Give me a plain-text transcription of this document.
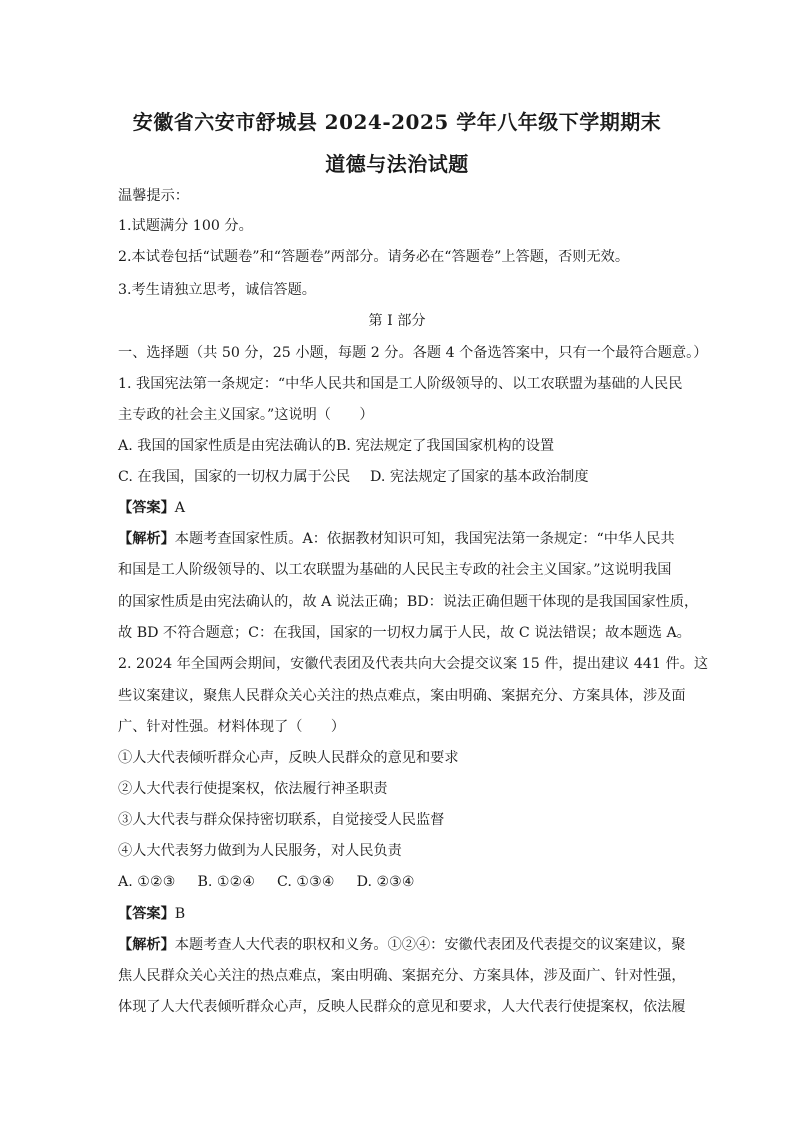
安徽省六安市舒城县 2024-2025 学年八年级下学期期末
道德与法治试题
温馨提示：
1.试题满分 100 分。
2.本试卷包括“试题卷”和“答题卷”两部分。请务必在“答题卷”上答题，否则无效。
3.考生请独立思考，诚信答题。
第 I 部分
一、选择题（共 50 分，25 小题，每题 2 分。各题 4 个备选答案中，只有一个最符合题意。）
1. 我国宪法第一条规定：“中华人民共和国是工人阶级领导的、以工农联盟为基础的人民民
主专政的社会主义国家。”这说明（　　）
A. 我国的国家性质是由宪法确认的 B. 宪法规定了我国国家机构的设置
C. 在我国，国家的一切权力属于公民 D. 宪法规定了国家的基本政治制度
【答案】A
【解析】本题考查国家性质。A：依据教材知识可知，我国宪法第一条规定：“中华人民共
和国是工人阶级领导的、以工农联盟为基础的人民民主专政的社会主义国家。”这说明我国
的国家性质是由宪法确认的，故 A 说法正确；BD：说法正确但题干体现的是我国国家性质，
故 BD 不符合题意；C：在我国，国家的一切权力属于人民，故 C 说法错误；故本题选 A。
2. 2024 年全国两会期间，安徽代表团及代表共向大会提交议案 15 件，提出建议 441 件。这
些议案建议，聚焦人民群众关心关注的热点难点，案由明确、案据充分、方案具体，涉及面
广、针对性强。材料体现了（　　）
①人大代表倾听群众心声，反映人民群众的意见和要求
②人大代表行使提案权，依法履行神圣职责
③人大代表与群众保持密切联系，自觉接受人民监督
④人大代表努力做到为人民服务，对人民负责
A. ①②③ B. ①②④ C. ①③④ D. ②③④
【答案】B
【解析】本题考查人大代表的职权和义务。①②④：安徽代表团及代表提交的议案建议，聚
焦人民群众关心关注的热点难点，案由明确、案据充分、方案具体，涉及面广、针对性强，
体现了人大代表倾听群众心声，反映人民群众的意见和要求，人大代表行使提案权，依法履
